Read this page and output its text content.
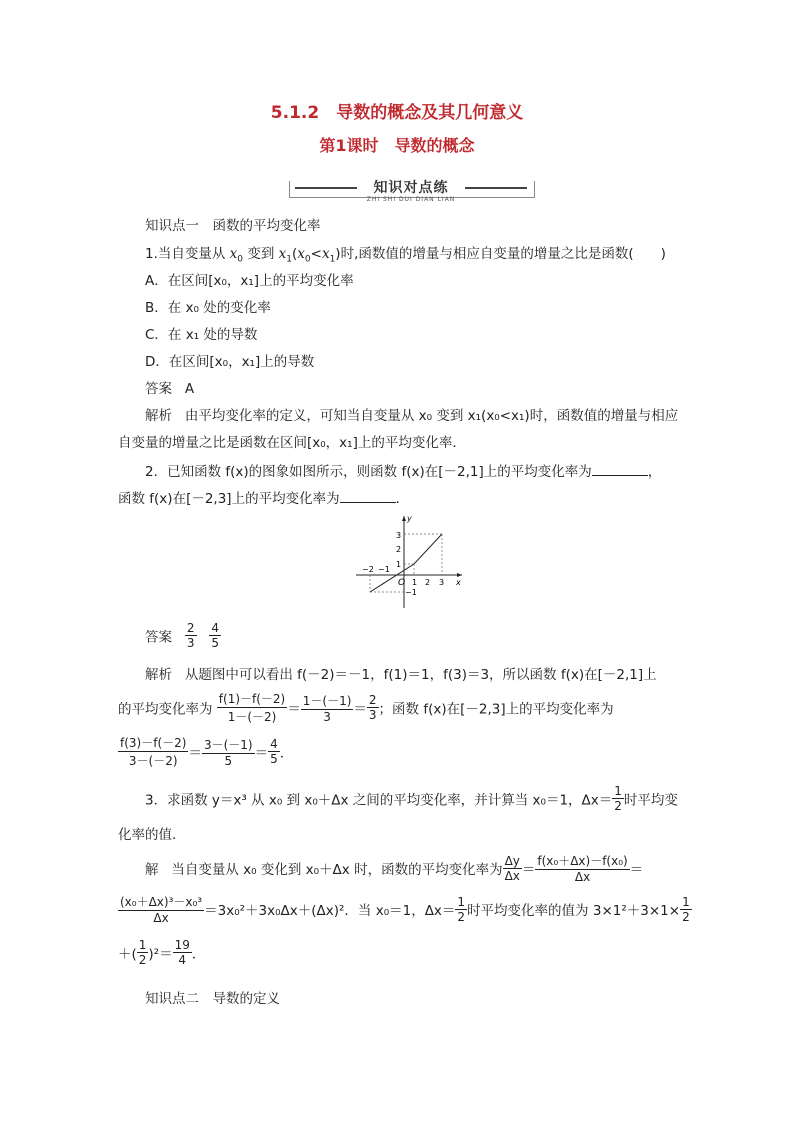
5.1.2　导数的概念及其几何意义
第1课时　导数的概念
知识对点练
ZHI SHI DUI DIAN LIAN
知识点一　函数的平均变化率
1.当自变量从 $x_0$ 变到 $x_1(x_0<x_1)$时,函数值的增量与相应自变量的增量之比是函数(　　)
A．在区间[x₀，x₁]上的平均变化率
B．在 x₀ 处的变化率
C．在 x₁ 处的导数
D．在区间[x₀，x₁]上的导数
答案 A
解析 由平均变化率的定义，可知当自变量从 x₀ 变到 x₁(x₀<x₁)时，函数值的增量与相应
自变量的增量之比是函数在区间[x₀，x₁]上的平均变化率．
2．已知函数 f(x)的图象如图所示，则函数 f(x)在[－2,1]上的平均变化率为	，
函数 f(x)在[－2,3]上的平均变化率为	．
−2 −1
1 2 3
3
2
1
−1
O	x
y
答案 $\frac{2}{3}$
$\frac{4}{5}$
解析 从题图中可以看出 f(－2)＝－1，f(1)＝1，f(3)＝3，所以函数 f(x)在[－2,1]上
的平均变化率为 $\frac{f(1)-f(-2)}{1-(-2)} = \frac{1-(-1)}{3} = \frac{2}{3}$ ；函数 f(x)在[－2,3]上的平均变化率为
$\frac{f(3)-f(-2)}{3-(-2)} = \frac{3-(-1)}{5} = \frac{4}{5}$ ．
3．求函数 y＝x³ 从 x₀ 到 x₀＋Δx 之间的平均变化率，并计算当 x₀＝1，$\Delta x= \frac{1}{2}$ 时平均变
化率的值．
解 当自变量从 x₀ 变化到 x₀＋Δx 时，函数的平均变化率为 $\frac{\Delta y}{\Delta x} = \frac{\text{f(x₀＋Δx)－f(x₀)}}{\Delta x}$ ＝
$\frac{\text{(x₀＋Δx)³－x₀³}}{\Delta x} =3x_0^2+3x_0\Delta x+(\Delta x)^2$．当 x₀＝1，$\Delta x= \frac{1}{2}$ 时平均变化率的值为 $3\times 1^2+3\times 1\times \frac{1}{2}$
＋( $\frac{1}{2} )^2= \frac{19}{4}$ ．
知识点二　导数的定义
